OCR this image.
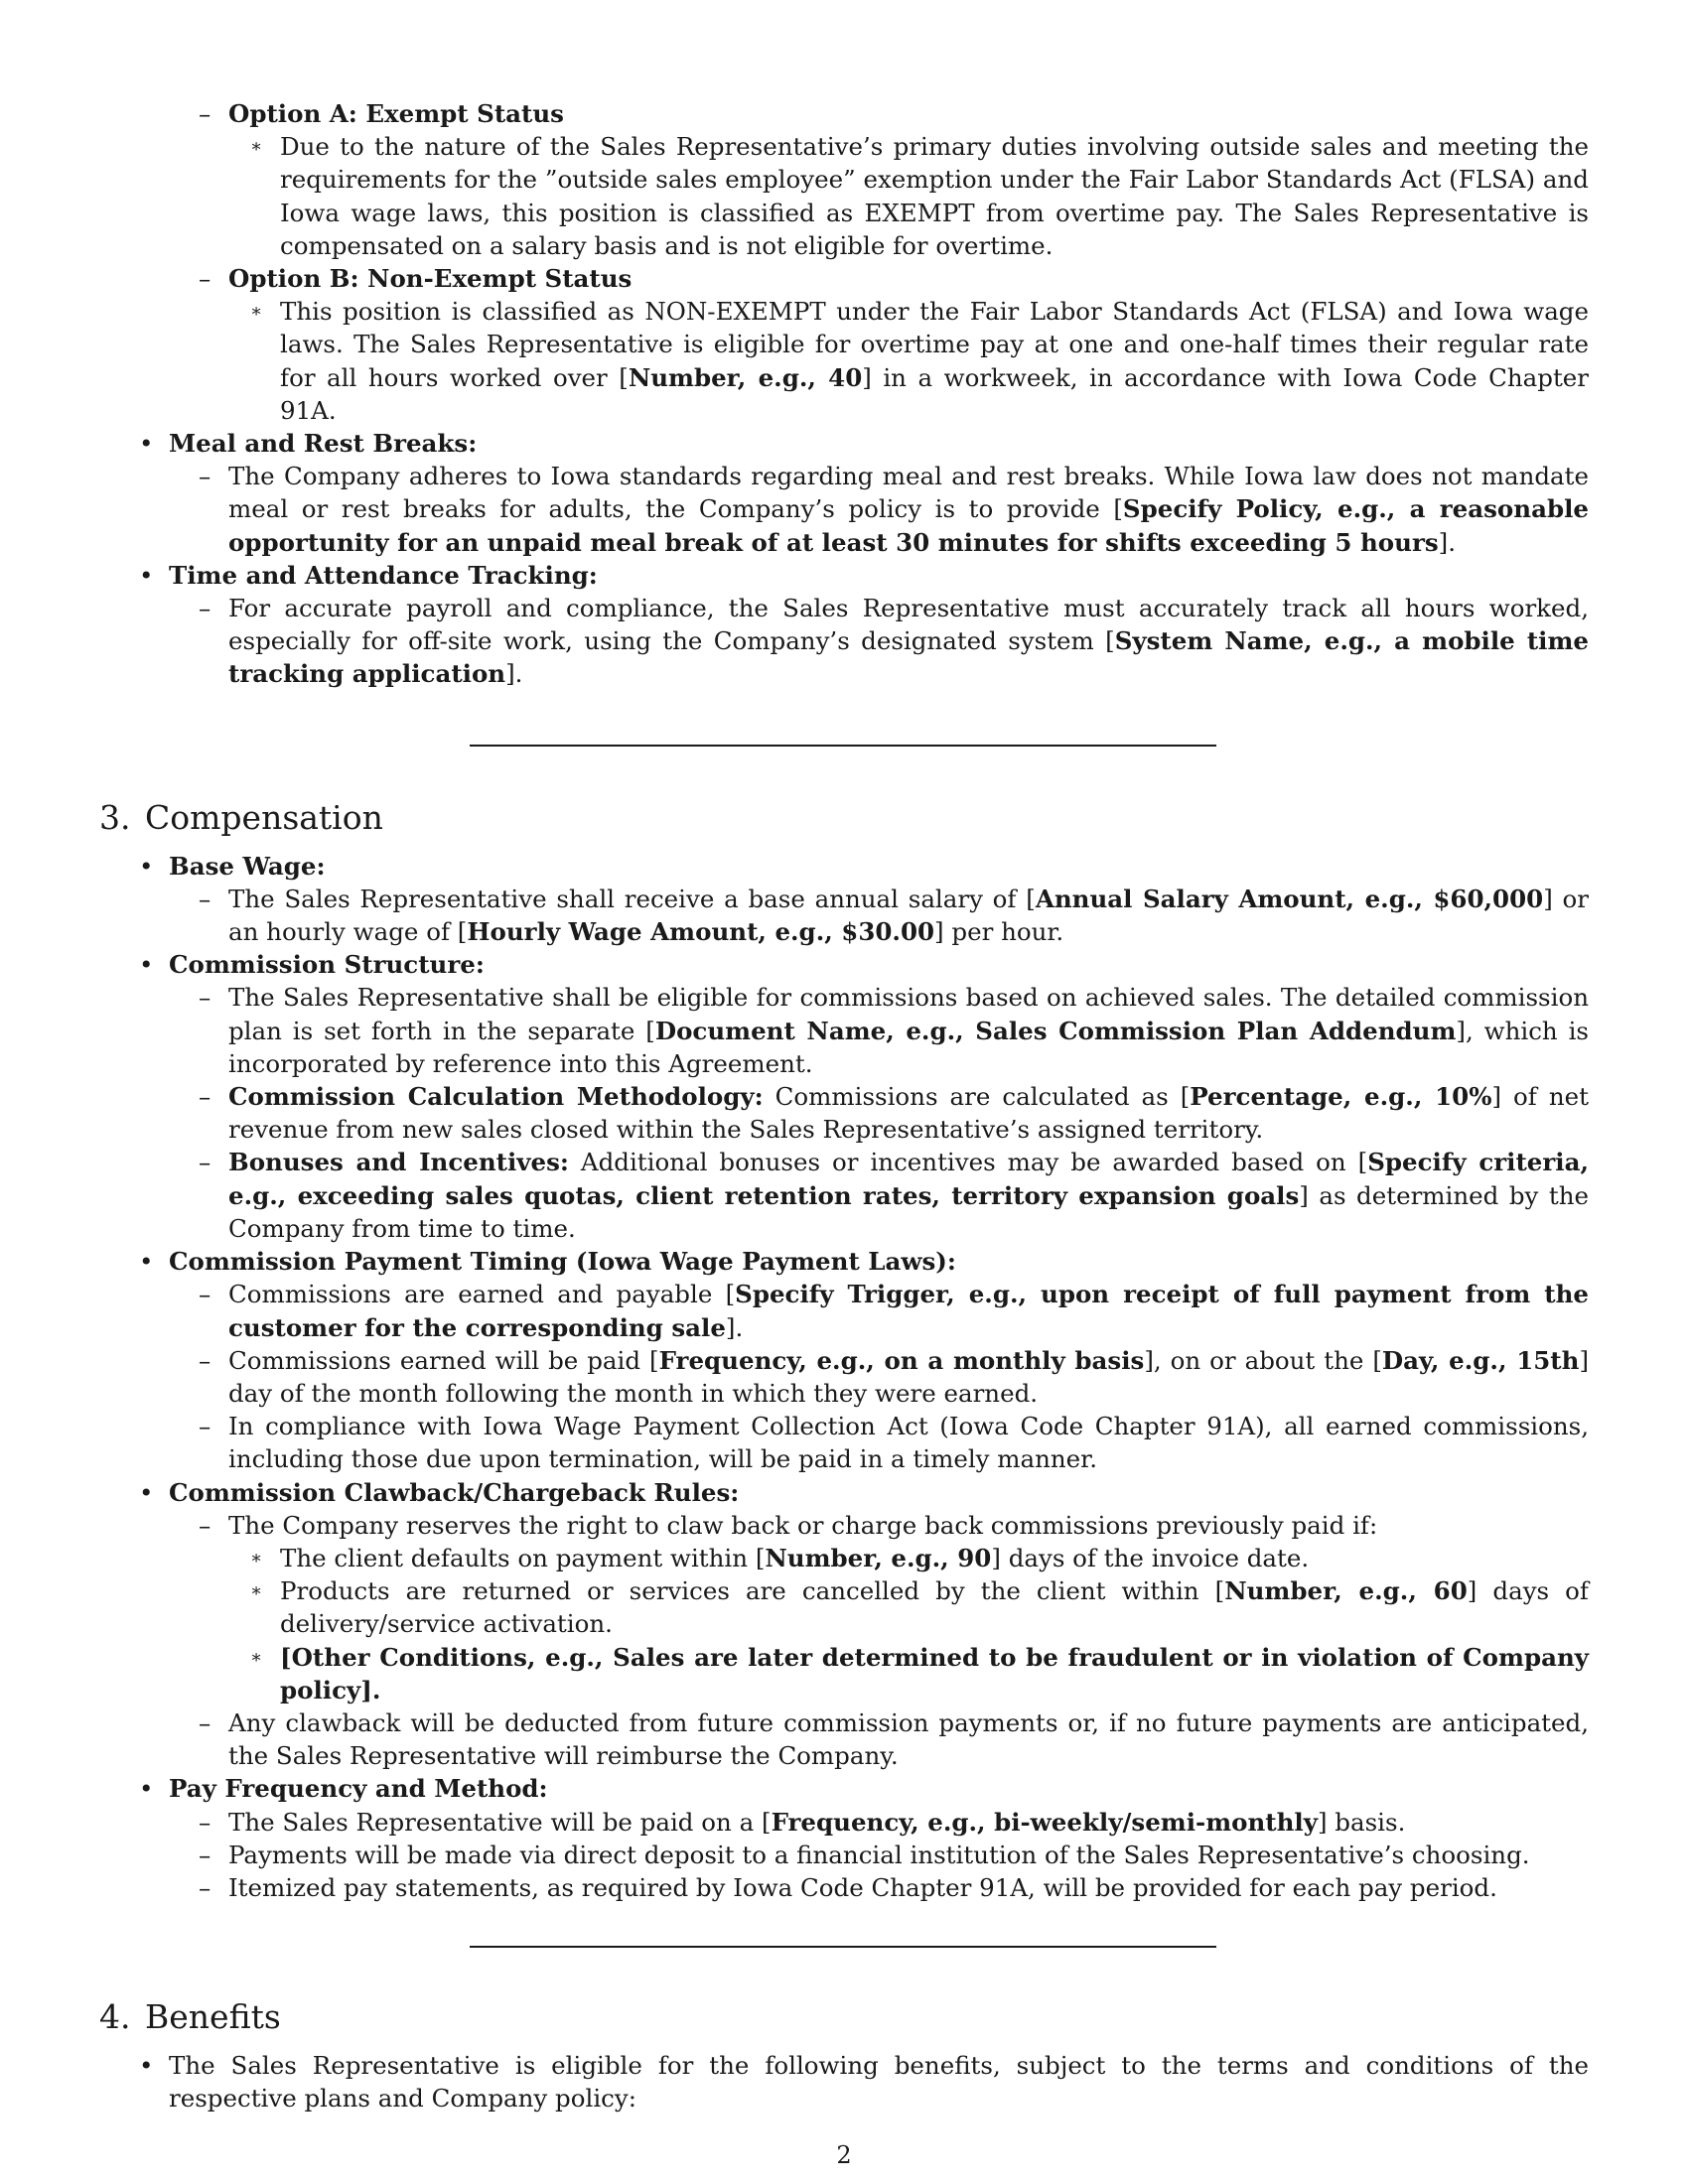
– Option A: Exempt Status
∗ Due to the nature of the Sales Representative’s primary duties involving outside sales and meeting the requirements for the ”outside sales employee” exemption under the Fair Labor Standards Act (FLSA) and Iowa wage laws, this position is classified as EXEMPT from overtime pay. The Sales Representative is compensated on a salary basis and is not eligible for overtime.
– Option B: Non-Exempt Status
∗ This position is classified as NON-EXEMPT under the Fair Labor Standards Act (FLSA) and Iowa wage laws. The Sales Representative is eligible for overtime pay at one and one-half times their regular rate for all hours worked over [Number, e.g., 40] in a workweek, in accordance with Iowa Code Chapter 91A.
• Meal and Rest Breaks:
– The Company adheres to Iowa standards regarding meal and rest breaks. While Iowa law does not mandate meal or rest breaks for adults, the Company’s policy is to provide [Specify Policy, e.g., a reasonable opportunity for an unpaid meal break of at least 30 minutes for shifts exceeding 5 hours].
• Time and Attendance Tracking:
– For accurate payroll and compliance, the Sales Representative must accurately track all hours worked, especially for off-site work, using the Company’s designated system [System Name, e.g., a mobile time tracking application].
3. Compensation
• Base Wage:
– The Sales Representative shall receive a base annual salary of [Annual Salary Amount, e.g., $60,000] or an hourly wage of [Hourly Wage Amount, e.g., $30.00] per hour.
• Commission Structure:
– The Sales Representative shall be eligible for commissions based on achieved sales. The detailed commission plan is set forth in the separate [Document Name, e.g., Sales Commission Plan Addendum], which is incorporated by reference into this Agreement.
– Commission Calculation Methodology: Commissions are calculated as [Percentage, e.g., 10%] of net revenue from new sales closed within the Sales Representative’s assigned territory.
– Bonuses and Incentives: Additional bonuses or incentives may be awarded based on [Specify criteria, e.g., exceeding sales quotas, client retention rates, territory expansion goals] as determined by the Company from time to time.
• Commission Payment Timing (Iowa Wage Payment Laws):
– Commissions are earned and payable [Specify Trigger, e.g., upon receipt of full payment from the customer for the corresponding sale].
– Commissions earned will be paid [Frequency, e.g., on a monthly basis], on or about the [Day, e.g., 15th] day of the month following the month in which they were earned.
– In compliance with Iowa Wage Payment Collection Act (Iowa Code Chapter 91A), all earned commissions, including those due upon termination, will be paid in a timely manner.
• Commission Clawback/Chargeback Rules:
– The Company reserves the right to claw back or charge back commissions previously paid if:
∗ The client defaults on payment within [Number, e.g., 90] days of the invoice date.
∗ Products are returned or services are cancelled by the client within [Number, e.g., 60] days of delivery/service activation.
∗ [Other Conditions, e.g., Sales are later determined to be fraudulent or in violation of Company policy].
– Any clawback will be deducted from future commission payments or, if no future payments are anticipated, the Sales Representative will reimburse the Company.
• Pay Frequency and Method:
– The Sales Representative will be paid on a [Frequency, e.g., bi-weekly/semi-monthly] basis.
– Payments will be made via direct deposit to a financial institution of the Sales Representative’s choosing.
– Itemized pay statements, as required by Iowa Code Chapter 91A, will be provided for each pay period.
4. Benefits
• The Sales Representative is eligible for the following benefits, subject to the terms and conditions of the respective plans and Company policy:
2
